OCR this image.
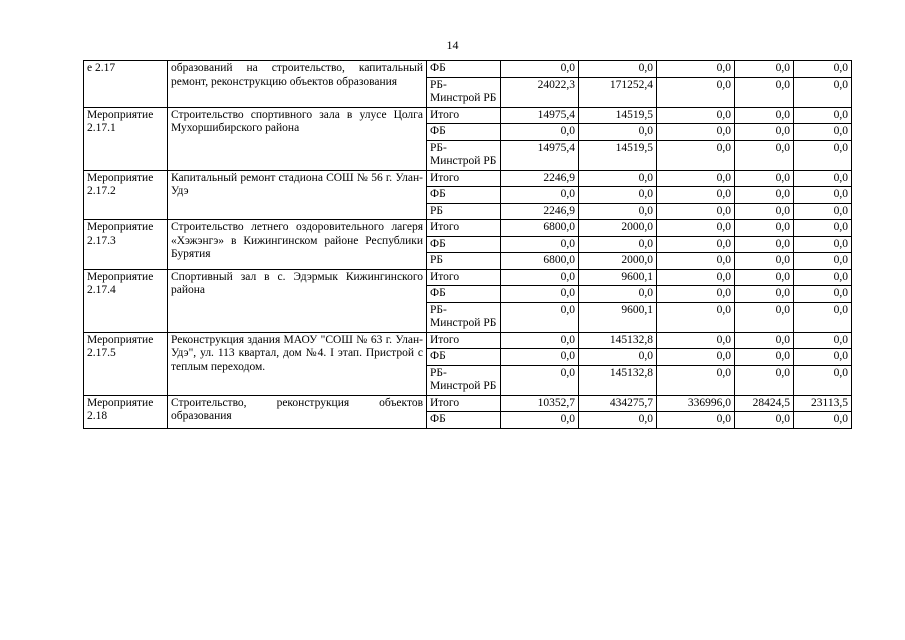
14
е 2.17	образований на строительство, капитальный ремонт, реконструкцию объектов образования	ФБ	0,0	0,0	0,0	0,0	0,0
		РБ-Минстрой РБ	24022,3	171252,4	0,0	0,0	0,0
Мероприятие 2.17.1	Строительство спортивного зала в улусе Цолга Мухоршибирского района	Итого	14975,4	14519,5	0,0	0,0	0,0
		ФБ	0,0	0,0	0,0	0,0	0,0
		РБ-Минстрой РБ	14975,4	14519,5	0,0	0,0	0,0
Мероприятие 2.17.2	Капитальный ремонт стадиона СОШ № 56 г. Улан-Удэ	Итого	2246,9	0,0	0,0	0,0	0,0
		ФБ	0,0	0,0	0,0	0,0	0,0
		РБ	2246,9	0,0	0,0	0,0	0,0
Мероприятие 2.17.3	Строительство летнего оздоровительного лагеря «Хэжэнгэ» в Кижингинском районе Республики Бурятия	Итого	6800,0	2000,0	0,0	0,0	0,0
		ФБ	0,0	0,0	0,0	0,0	0,0
		РБ	6800,0	2000,0	0,0	0,0	0,0
Мероприятие 2.17.4	Спортивный зал в с. Эдэрмык Кижингинского района	Итого	0,0	9600,1	0,0	0,0	0,0
		ФБ	0,0	0,0	0,0	0,0	0,0
		РБ-Минстрой РБ	0,0	9600,1	0,0	0,0	0,0
Мероприятие 2.17.5	Реконструкция здания МАОУ "СОШ № 63 г. Улан-Удэ", ул. 113 квартал, дом №4. I этап. Пристрой с теплым переходом.	Итого	0,0	145132,8	0,0	0,0	0,0
		ФБ	0,0	0,0	0,0	0,0	0,0
		РБ-Минстрой РБ	0,0	145132,8	0,0	0,0	0,0
Мероприятие 2.18	Строительство, реконструкция объектов образования	Итого	10352,7	434275,7	336996,0	28424,5	23113,5
		ФБ	0,0	0,0	0,0	0,0	0,0
